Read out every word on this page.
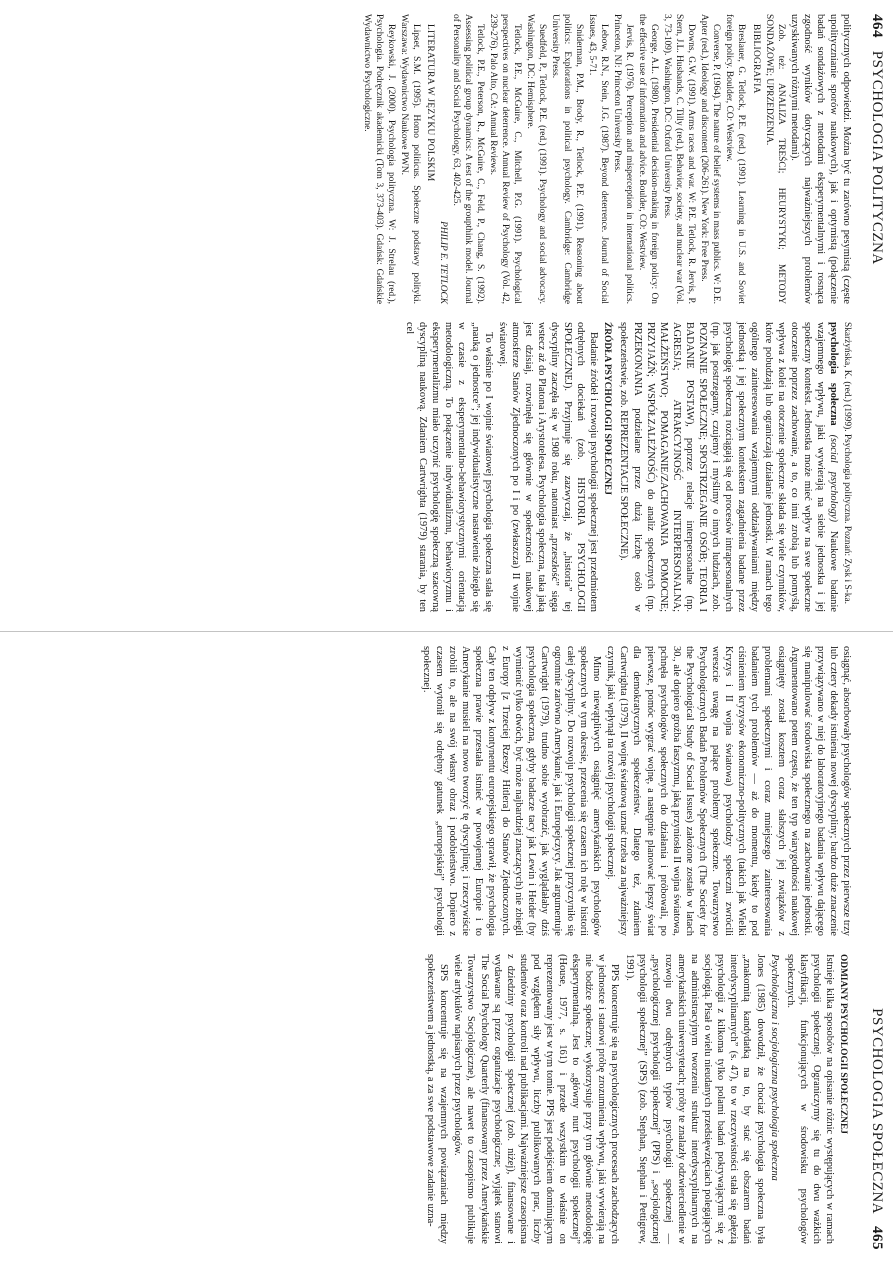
464   PSYCHOLOGIA POLITYCZNA

politycznych odpowiedzi. Można być tu zarówno pesymistą (częste upolitycznianie sporów naukowych), jak i optymistą (połączenie badań sondażowych z metodami eksperymentalnymi i rosnąca zgodność wyników dotyczących najważniejszych problemów uzyskiwanych różnymi metodami).

Zob. też: ANALIZA TREŚCI; HEURYSTYKI; METODY SONDAŻOWE; UPRZEDZENIA.

BIBLIOGRAFIA

Breslauer, G. Tetlock, P.E. (red.) (1991). Learning in U.S. and Soviet foreign policy. Boulder, CO: Westview.

Converse, P. (1964). The nature of belief systems in mass publics. W: D.E. Apter (red.), Ideology and discontent (206-261). New York: Free Press.

Downs, G.W. (1991). Arms races and war. W: P.E. Tetlock, R. Jervis, P. Stern, J.L. Husbands, C. Tilly (red.), Behavior, society, and nuclear war (Vol. 3, 73-109). Washington, DC: Oxford University Press.

George, A.L. (1980). Presidential decision-making in foreign policy: On the effective use of information and advice. Boulder, CO: Westview.

Jervis, R. (1976). Perception and misperception in international politics. Princeton, NJ: Princeton University Press.

Lebow, R.N., Stein, J.G. (1987). Beyond deterrence. Journal of Social Issues, 43, 5-71.

Sniderman, P.M., Brody, R., Tetlock, P.E. (1991). Reasoning about politics: Explorations in political psychology. Cambridge: Cambridge University Press.

Suedfeld, P., Tetlock, P.E. (red.) (1991). Psychology and social advocacy. Washington, DC: Hemisphere.

Tetlock, P.E., McGuire, C., Mitchell, P.G. (1991). Psychological perspectives on nuclear deterrence. Annual Review of Psychology (Vol. 42, 239-276). Palo Alto, CA: Annual Reviews.

Tetlock, P.E., Peterson, R., McGuire, C., Feld, P., Chang, S. (1992). Assessing political group dynamics: A test of the groupthink model. Journal of Personality and Social Psychology, 63, 402-425.

PHILIP E. TETLOCK

LITERATURA W JĘZYKU POLSKIM

Lipset, S.M. (1995). Homo politicus. Społeczne podstawy polityki. Warszawa: Wydawnictwo Naukowe PWN.

Reykowski, J. (2000). Psychologia polityczna. W: J. Strelau (red.), Psychologia. Podręcznik akademicki (Tom 3, 373-403). Gdańsk: Gdańskie Wydawnictwo Psychologiczne.

Skarżyńska, K. (red.) (1999). Psychologia polityczna. Poznań: Zysk i S-ka.

psychologia społeczna (social psychology) Naukowe badanie wzajemnego wpływu, jaki wywierają na siebie jednostka i jej społeczny kontekst. Jednostka może mieć wpływ na swe społeczne otoczenie poprzez zachowanie, a to, co inni zrobią lub pomyślą, wpływa z kolei na otoczenie społeczne składa się wiele czynników, które pobudzają lub ograniczają działanie jednostki. W ramach tego ogólnego zainteresowania wzajemnymi oddziaływaniami między jednostką i jej społecznym kontekstem zagadnienia badane przez psychologię społeczną rozciągają się od procesów intrapersonalnych (np. jak postrzegamy, czujemy i myślimy o innych ludziach, zob. POZNANIE SPOŁECZNE; SPOSTRZEGANIE OSÓB; TEORIA I BADANIE POSTAW), poprzez relacje interpersonalne (np. AGRESJA; ATRAKCYJNOŚĆ INTERPERSONALNA; MAŁŻEŃSTWO; POMAGANIE/ZACHOWANIA POMOCNE; PRZYJAŹŃ; WSPÓŁZALEŻNOŚĆ) do analiz społecznych (np. PRZEKONANIA podzielane przez dużą liczbę osób w społeczeństwie, zob. REPREZENTACJE SPOŁECZNE).

ŹRÓDŁA PSYCHOLOGII SPOŁECZNEJ

Badanie źródeł i rozwoju psychologii społecznej jest przedmiotem odrębnych dociekań (zob. HISTORIA PSYCHOLOGII SPOŁECZNEJ). Przyjmuje się zazwyczaj, że „historia” tej dyscypliny zaczęła się w 1908 roku, natomiast „przeszłość” sięga wstecz aż do Platona i Arystotelesa. Psychologia społeczna, taka jaką jest dzisiaj, rozwinęła się głównie w społeczności naukowej atmosferze Stanów Zjednoczonych po I i po (zwłaszcza) II wojnie światowej.

To właśnie po I wojnie światowej psychologia społeczna stała się „nauką o jednostce”; jej indywidualistyczne nastawienie zbiegło się w czasie z eksperymentalno-behawiorystycznymi orientacją metodologiczną. To połączenie indywidualizmu, behawioryzmu i eksperymentalizmu miało uczynić psychologię społeczną szacowną dyscypliną naukową. Zdaniem Cartwrighta (1979) starania, by ten cel

PSYCHOLOGIA SPOŁECZNA   465

osiągnąć, absorbowały psychologów społecznych przez pierwsze trzy lub cztery dekady istnienia nowej dyscypliny; bardzo duże znaczenie przywiązywano w niej do laboratoryjnego badania wpływu dającego się manipulować środowiska społecznego na zachowanie jednostki. Argumentowano potem często, że ten typ wiarygodności naukowej osiągnięty został kosztem coraz słabszych jej związków z problemami społecznymi i coraz mniejszego zainteresowania badaniem tych problemów — aż do momentu, kiedy to pod ciśnieniem kryzysów ekonomiczno-politycznych (takich jak Wielki Kryzys i II wojna światowa) psycholodzy społeczni zwrócili wreszcie uwagę na palące problemy społeczne. Towarzystwo Psychologicznych Badań Problemów Społecznych (The Society for the Psychological Study of Social Issues) założone zostało w latach 30., ale dopiero groźba faszyzmu, jaką przyniosła II wojna światowa, pchnęła psychologów społecznych do działania i próbowali, po pierwsze, pomóc wygrać wojnę, a następnie planować lepszy świat dla demokratycznych społeczeństw. Dlatego też, zdaniem Cartwrighta (1979), II wojnę światową uznać trzeba za najważniejszy czynnik, jaki wpłynął na rozwój psychologii społecznej.

Mimo niewątpliwych osiągnięć amerykańskich psychologów społecznych w tym okresie, przecenia się czasem ich rolę w historii całej dyscypliny. Do rozwoju psychologii społecznej przyczyniło się ogromnie zarówno Amerykanie, jak i Europejczycy. Jak argumentuje Cartwright (1979), trudno sobie wyobrazić, jak wyglądałaby dziś psychologia społeczna, gdyby badacze tacy jak Lewin i Heider (by wymienić tylko dwóch, być może najbardziej znaczących) nie zbiegli z Europy [z Trzeciej Rzeszy Hitlera] do Stanów Zjednoczonych. Cały ten odpływ z kontynentu europejskiego sprawił, że psychologia społeczna prawie przestała istnieć w powojennej Europie i to Amerykanie musieli na nowo tworzyć tę dyscyplinę; i rzeczywiście zrobili to, ale na swój własny obraz i podobieństwo. Dopiero z czasem wytonił się odrębny gatunek „europejskiej” psychologii społecznej.

ODMIANY PSYCHOLOGII SPOŁECZNEJ

Istnieje kilka sposobów na opisanie różnic występujących w ramach psychologii społecznej. Ograniczymy się tu do dwu ważkich klasyfikacji, funkcjonujących w środowisku psychologów społecznych.

Psychologiczna i socjologiczna psychologia społeczna

Jones (1985) dowodził, że chociaż psychologia społeczna była „znakomitą kandydatką na to, by stać się obszarem badań interdyscyplinarnych” (s. 47), to w rzeczywistości stała się gałęzią psychologii z kilkoma tylko polami badań pokrywającymi się z socjologią. Pisał o wielu nieudanych przedsięwzięciach polegających na administracyjnym tworzeniu struktur interdyscyplinarnych na amerykańskich uniwersytetach; próby te znalazły odzwierciedlenie w rozwoju dwu odrębnych typów psychologii społecznej — „psychologicznej psychologii społecznej” (PPS) i „socjologicznej psychologii społecznej” (SPS) (zob. Stephan, Stephan i Pettigrew, 1991).

PPS koncentruje się na psychologicznych procesach zachodzących w jednostce i stanowi próbę zrozumienia wpływu, jaki wywierają na nie bodźce społeczne; wykorzystuje przy tym głównie metodologię eksperymentalną. Jest to „główny nurt psychologii społecznej” (House, 1977, s. 161) i przede wszystkim to właśnie on reprezentowany jest w tym tomie. PPS jest podejściem dominującym pod względem siły wpływu, liczby publikowanych prac, liczby studentów oraz kontroli nad publikacjami. Najważniejsze czasopisma z dziedziny psychologii społecznej (zob. niżej), finansowane i wydawane są przez organizacje psychologiczne; wyjątek stanowi The Social Psychology Quarterly (finansowany przez Amerykańskie Towarzystwo Socjologiczne), ale nawet to czasopismo publikuje wiele artykułów napisanych przez psychologów.

SPS koncentruje się na wzajemnych powiązaniach między społeczeństwem a jednostką, a za swe podstawowe zadanie uzna-
